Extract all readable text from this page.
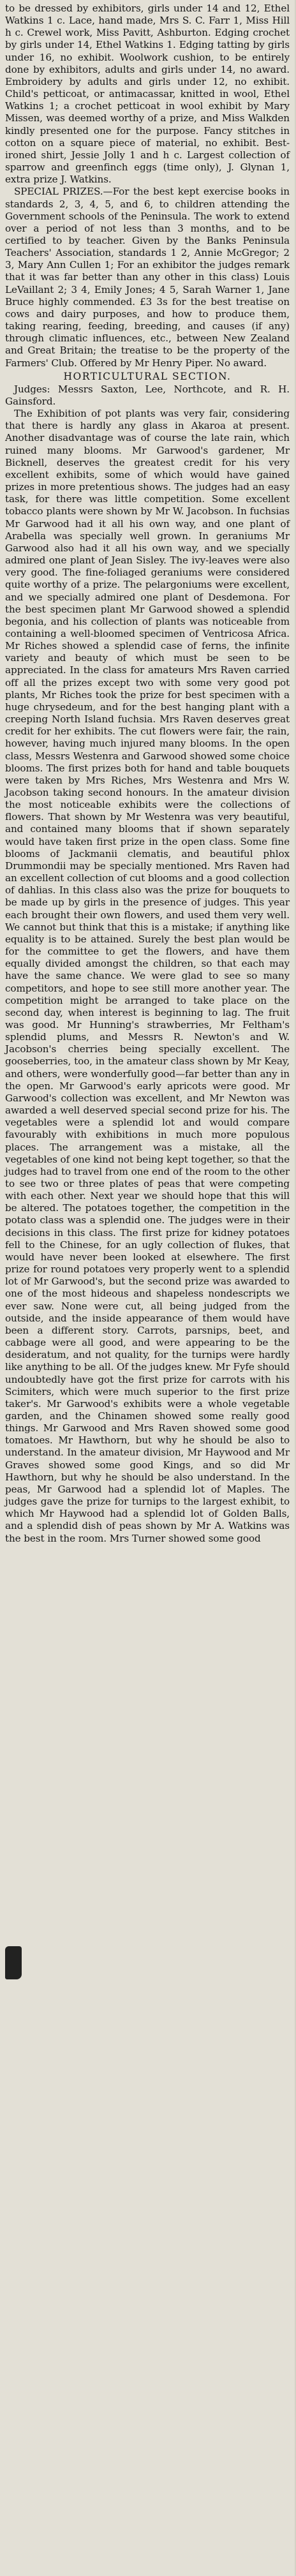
to be dressed by exhibitors, girls under 14 and 12, Ethel Watkins 1 c. Lace, hand made, Mrs S. C. Farr 1, Miss Hill h c. Crewel work, Miss Pavitt, Ashburton. Edging crochet by girls under 14, Ethel Watkins 1. Edging tatting by girls under 16, no exhibit. Woolwork cushion, to be entirely done by exhibitors, adults and girls under 14, no award. Embroidery by adults and girls under 12, no exhibit. Child's petticoat, or antimacassar, knitted in wool, Ethel Watkins 1; a crochet petticoat in wool exhibit by Mary Missen, was deemed worthy of a prize, and Miss Walkden kindly presented one for the purpose. Fancy stitches in cotton on a square piece of material, no exhibit. Best-ironed shirt, Jessie Jolly 1 and h c. Largest collection of sparrow and greenfinch eggs (time only), J. Glynan 1, extra prize J. Watkins.

SPECIAL PRIZES.—For the best kept exercise books in standards 2, 3, 4, 5, and 6, to children attending the Government schools of the Peninsula. The work to extend over a period of not less than 3 months, and to be certified to by teacher. Given by the Banks Peninsula Teachers' Association, standards 1 2, Annie McGregor; 2 3, Mary Ann Cullen 1; For an exhibitor the judges remark that it was far better than any other in this class) Louis LeVaillant 2; 3 4, Emily Jones; 4 5, Sarah Warner 1, Jane Bruce highly commended. £3 3s for the best treatise on cows and dairy purposes, and how to produce them, taking rearing, feeding, breeding, and causes (if any) through climatic influences, etc., between New Zealand and Great Britain; the treatise to be the property of the Farmers' Club. Offered by Mr Henry Piper. No award.

HORTICULTURAL SECTION.

Judges: Messrs Saxton, Lee, Northcote, and R. H. Gainsford.

The Exhibition of pot plants was very fair, considering that there is hardly any glass in Akaroa at present. Another disadvantage was of course the late rain, which ruined many blooms. Mr Garwood's gardener, Mr Bicknell, deserves the greatest credit for his very excellent exhibits, some of which would have gained prizes in more pretentious shows. The judges had an easy task, for there was little competition. Some excellent tobacco plants were shown by Mr W. Jacobson. In fuchsias Mr Garwood had it all his own way, and one plant of Arabella was specially well grown. In geraniums Mr Garwood also had it all his own way, and we specially admired one plant of Jean Sisley. The ivy-leaves were also very good. The fine-foliaged geraniums were considered quite worthy of a prize. The pelargoniums were excellent, and we specially admired one plant of Desdemona. For the best specimen plant Mr Garwood showed a splendid begonia, and his collection of plants was noticeable from containing a well-bloomed specimen of Ventricosa Africa. Mr Riches showed a splendid case of ferns, the infinite variety and beauty of which must be seen to be appreciated. In the class for amateurs Mrs Raven carried off all the prizes except two with some very good pot plants, Mr Riches took the prize for best specimen with a huge chrysedeum, and for the best hanging plant with a creeping North Island fuchsia. Mrs Raven deserves great credit for her exhibits. The cut flowers were fair, the rain, however, having much injured many blooms. In the open class, Messrs Westenra and Garwood showed some choice blooms. The first prizes both for hand and table bouquets were taken by Mrs Riches, Mrs Westenra and Mrs W. Jacobson taking second honours. In the amateur division the most noticeable exhibits were the collections of flowers. That shown by Mr Westenra was very beautiful, and contained many blooms that if shown separately would have taken first prize in the open class. Some fine blooms of Jackmanii clematis, and beautiful phlox Drummondii may be specially mentioned. Mrs Raven had an excellent collection of cut blooms and a good collection of dahlias. In this class also was the prize for bouquets to be made up by girls in the presence of judges. This year each brought their own flowers, and used them very well. We cannot but think that this is a mistake; if anything like equality is to be attained. Surely the best plan would be for the committee to get the flowers, and have them equally divided amongst the children, so that each may have the same chance. We were glad to see so many competitors, and hope to see still more another year. The competition might be arranged to take place on the second day, when interest is beginning to lag. The fruit was good. Mr Hunning's strawberries, Mr Feltham's splendid plums, and Messrs R. Newton's and W. Jacobson's cherries being specially excellent. The gooseberries, too, in the amateur class shown by Mr Keay, and others, were wonderfully good—far better than any in the open. Mr Garwood's early apricots were good. Mr Garwood's collection was excellent, and Mr Newton was awarded a well deserved special second prize for his. The vegetables were a splendid lot and would compare favourably with exhibitions in much more populous places. The arrangement was a mistake, all the vegetables of one kind not being kept together, so that the judges had to travel from one end of the room to the other to see two or three plates of peas that were competing with each other. Next year we should hope that this will be altered. The potatoes together, the competition in the potato class was a splendid one. The judges were in their decisions in this class. The first prize for kidney potatoes fell to the Chinese, for an ugly collection of flukes, that would have never been looked at elsewhere. The first prize for round potatoes very properly went to a splendid lot of Mr Garwood's, but the second prize was awarded to one of the most hideous and shapeless nondescripts we ever saw. None were cut, all being judged from the outside, and the inside appearance of them would have been a different story. Carrots, parsnips, beet, and cabbage were all good, and were appearing to be the desideratum, and not quality, for the turnips were hardly like anything to be all. Of the judges knew. Mr Fyfe should undoubtedly have got the first prize for carrots with his Scimiters, which were much superior to the first prize taker's. Mr Garwood's exhibits were a whole vegetable garden, and the Chinamen showed some really good things. Mr Garwood and Mrs Raven showed some good tomatoes. Mr Hawthorn, but why he should be also to understand. In the amateur division, Mr Haywood and Mr Graves showed some good Kings, and so did Mr Hawthorn, but why he should be also understand. In the peas, Mr Garwood had a splendid lot of Maples. The judges gave the prize for turnips to the largest exhibit, to which Mr Haywood had a splendid lot of Golden Balls, and a splendid dish of peas shown by Mr A. Watkins was the best in the room. Mrs Turner showed some good
